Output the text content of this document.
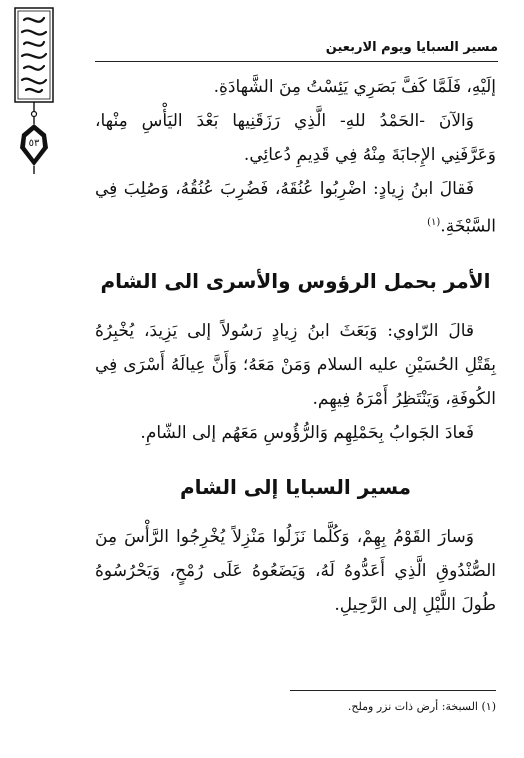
٥٣
مسير السبايا ويوم الاربعين

إلَيْهِ، فَلَمَّا كَفَّ بَصَرِي يَئِسْتُ مِنَ الشَّهادَةِ.

وَالآنَ -الحَمْدُ للهِ- الَّذِي رَزَقَنِيها بَعْدَ اليَأْسِ مِنْها، وَعَرَّفَنِي الإِجابَةَ مِنْهُ فِي قَدِيمِ دُعائِي.

فَقالَ ابنُ زِيادٍ: اضْرِبُوا عُنُقَهُ، فَضُرِبَ عُنُقُهُ، وَصُلِبَ فِي السَّبْخَةِ.$^{(١)}$

الأمر بحمل الرؤوس والأسرى الى الشام

قالَ الرّاوي: وَبَعَثَ ابنُ زِيادٍ رَسُولاً إلى يَزِيدَ، يُخْبِرُهُ بِقَتْلِ الحُسَيْنِ عليه السلام وَمَنْ مَعَهُ؛ وَأَنَّ عِيالَهُ أَسْرَى فِي الكُوفَةِ، وَيَنْتَظِرُ أَمْرَهُ فِيهِم.

فَعادَ الجَوابُ بِحَمْلِهِم وَالرُّؤُوسِ مَعَهُم إلى الشّامِ.

مسير السبايا إلى الشام

وَسارَ القَوْمُ بِهِمْ، وَكُلَّما نَزَلُوا مَنْزِلاً يُخْرِجُوا الرَّأْسَ مِنَ الصُّنْدُوقِ الَّذِي أَعَدُّوهُ لَهُ، وَيَضَعُوهُ عَلَى رُمْحٍ، وَيَحْرُسُوهُ طُولَ اللَّيْلِ إلى الرَّحِيلِ.

(١) السبخة: أرض ذات نزر وملح.
